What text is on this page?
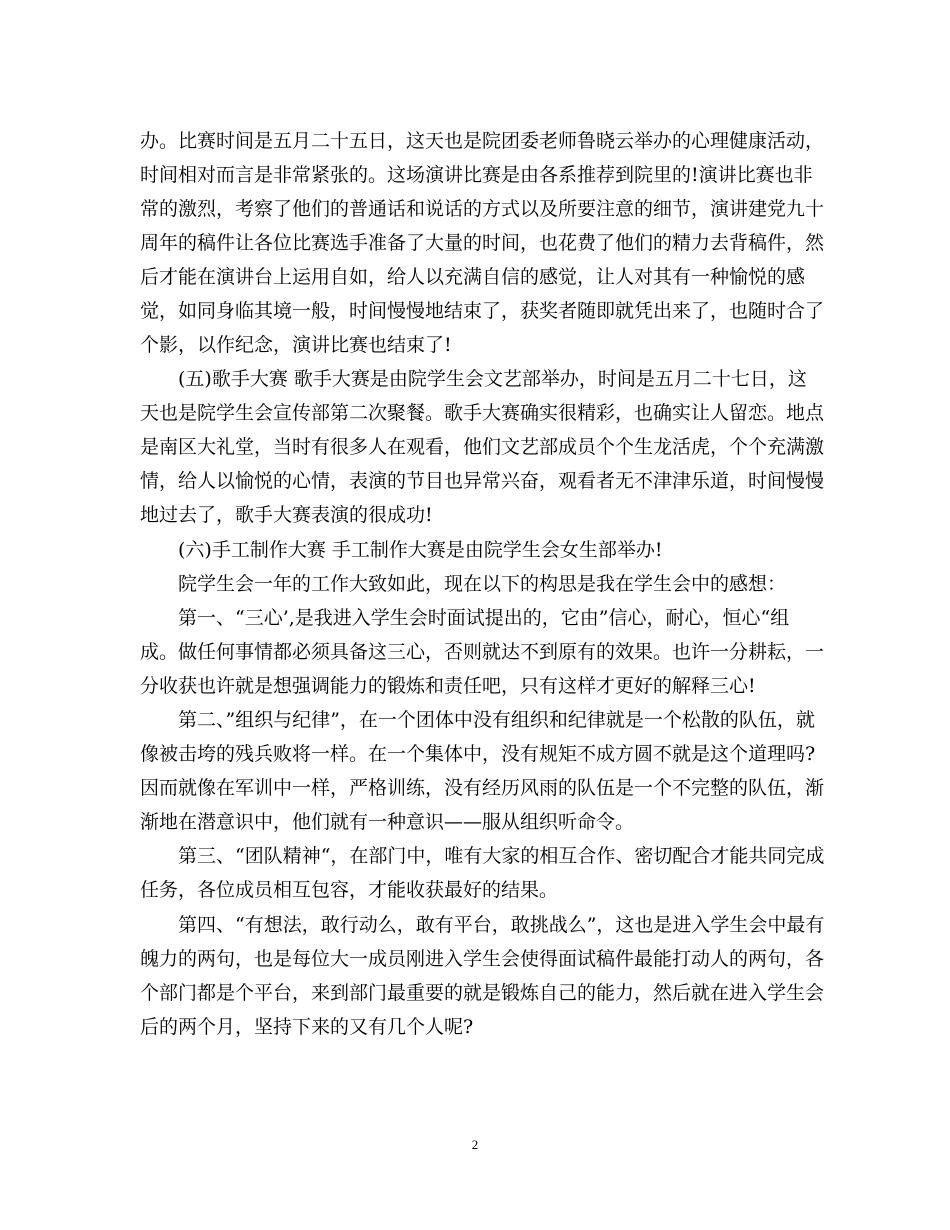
办。比赛时间是五月二十五日，这天也是院团委老师鲁晓云举办的心理健康活动，
时间相对而言是非常紧张的。这场演讲比赛是由各系推荐到院里的!演讲比赛也非
常的激烈，考察了他们的普通话和说话的方式以及所要注意的细节，演讲建党九十
周年的稿件让各位比赛选手准备了大量的时间，也花费了他们的精力去背稿件，然
后才能在演讲台上运用自如，给人以充满自信的感觉，让人对其有一种愉悦的感
觉，如同身临其境一般，时间慢慢地结束了，获奖者随即就凭出来了，也随时合了
个影，以作纪念，演讲比赛也结束了!
　　(五)歌手大赛 歌手大赛是由院学生会文艺部举办，时间是五月二十七日，这
天也是院学生会宣传部第二次聚餐。歌手大赛确实很精彩，也确实让人留恋。地点
是南区大礼堂，当时有很多人在观看，他们文艺部成员个个生龙活虎，个个充满激
情，给人以愉悦的心情，表演的节目也异常兴奋，观看者无不津津乐道，时间慢慢
地过去了，歌手大赛表演的很成功!
　　(六)手工制作大赛 手工制作大赛是由院学生会女生部举办!
　　院学生会一年的工作大致如此，现在以下的构思是我在学生会中的感想：
　　第一、“三心’,是我进入学生会时面试提出的，它由”信心，耐心，恒心“组
成。做任何事情都必须具备这三心，否则就达不到原有的效果。也许一分耕耘，一
分收获也许就是想强调能力的锻炼和责任吧，只有这样才更好的解释三心!
　　第二、”组织与纪律”，在一个团体中没有组织和纪律就是一个松散的队伍，就
像被击垮的残兵败将一样。在一个集体中，没有规矩不成方圆不就是这个道理吗?
因而就像在军训中一样，严格训练，没有经历风雨的队伍是一个不完整的队伍，渐
渐地在潜意识中，他们就有一种意识——服从组织听命令。
　　第三、“团队精神“，在部门中，唯有大家的相互合作、密切配合才能共同完成
任务，各位成员相互包容，才能收获最好的结果。
　　第四、“有想法，敢行动么，敢有平台，敢挑战么”，这也是进入学生会中最有
魄力的两句，也是每位大一成员刚进入学生会使得面试稿件最能打动人的两句，各
个部门都是个平台，来到部门最重要的就是锻炼自己的能力，然后就在进入学生会
后的两个月，坚持下来的又有几个人呢?
2
